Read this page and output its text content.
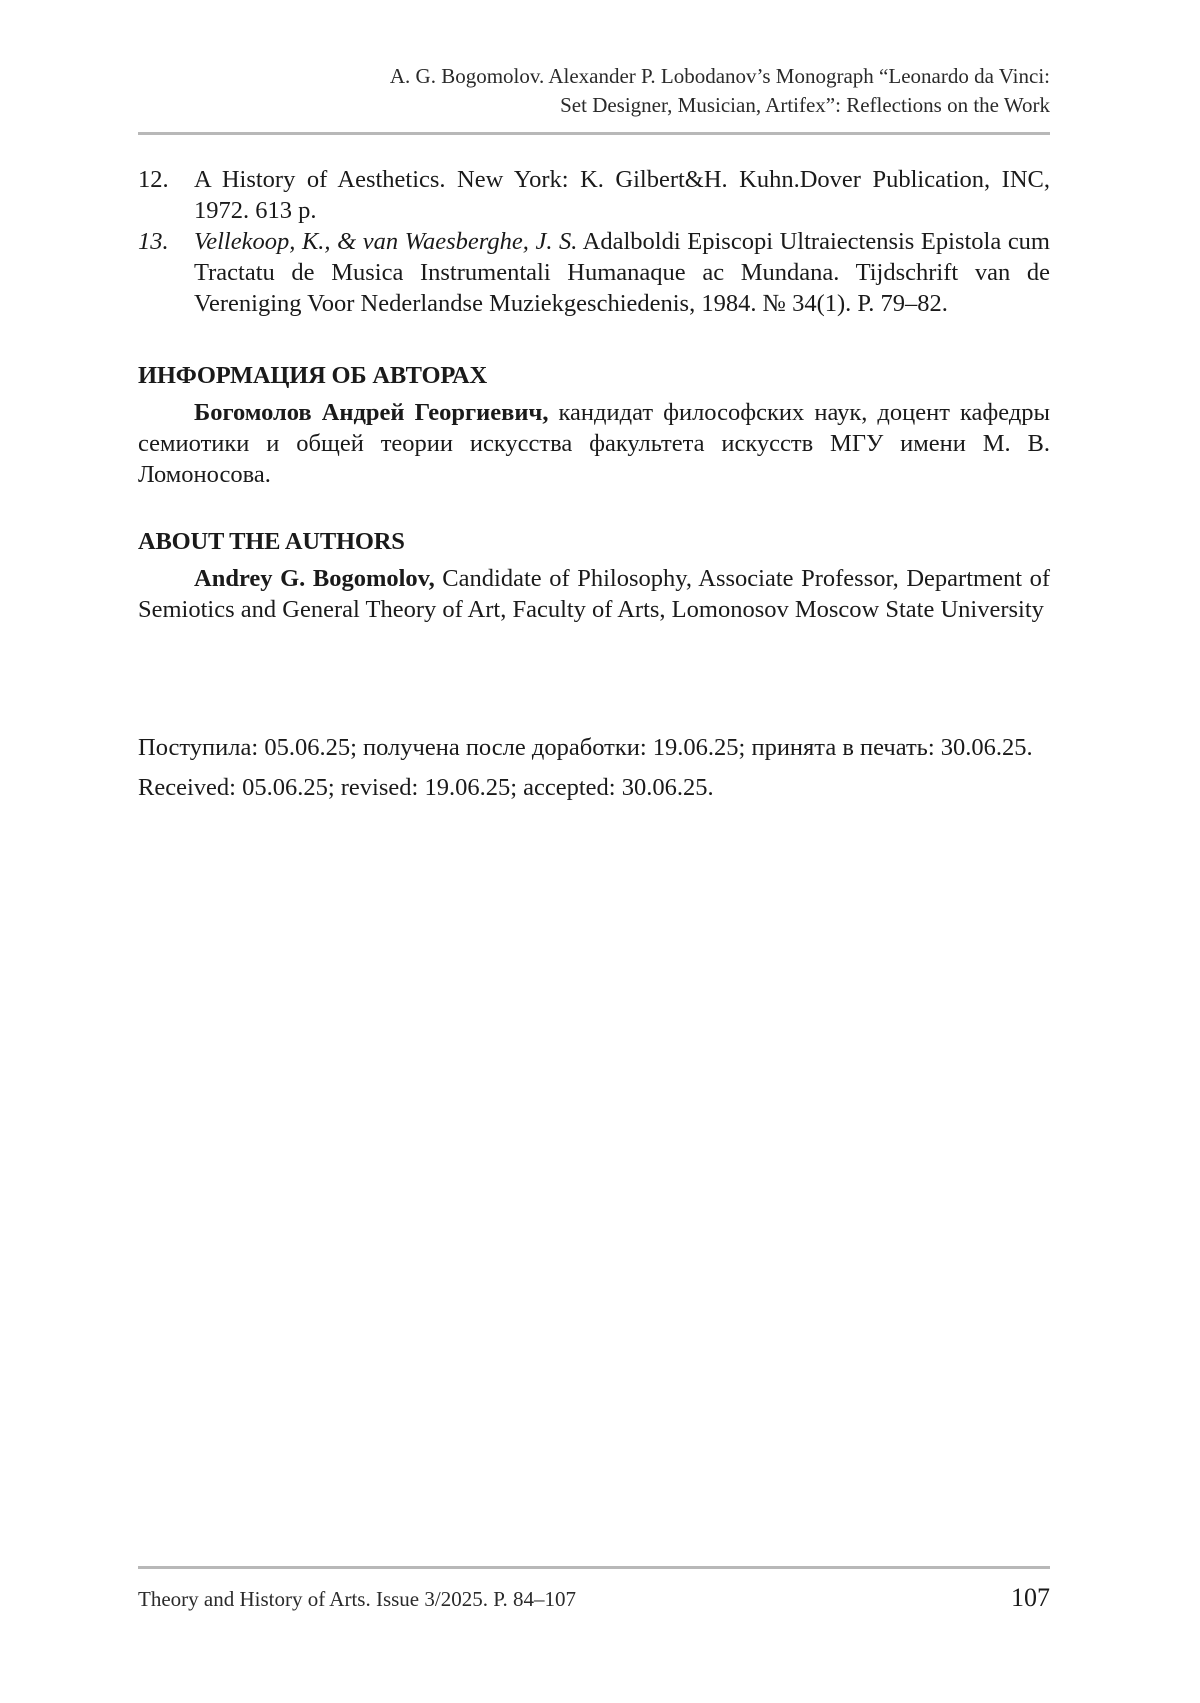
A. G. Bogomolov. Alexander P. Lobodanov’s Monograph “Leonardo da Vinci:
Set Designer, Musician, Artifex”: Reflections on the Work

12.	A History of Aesthetics. New York: K. Gilbert&H. Kuhn.Dover Publication, INC, 1972. 613 p.

13.	Vellekoop, K., & van Waesberghe, J. S. Adalboldi Episcopi Ultraiectensis Epistola cum Tractatu de Musica Instrumentali Humanaque ac Mundana. Tijdschrift van de Vereniging Voor Nederlandse Muziekgeschiedenis, 1984. № 34(1). P. 79–82.

ИНФОРМАЦИЯ ОБ АВТОРАХ

Богомолов Андрей Георгиевич, кандидат философских наук, доцент кафедры семиотики и общей теории искусства факультета искусств МГУ имени М. В. Ломоносова.

ABOUT THE AUTHORS

Andrey G. Bogomolov, Candidate of Philosophy, Associate Professor, Department of Semiotics and General Theory of Art, Faculty of Arts, Lomonosov Moscow State University

Поступила: 05.06.25; получена после доработки: 19.06.25; принята в печать: 30.06.25.

Received: 05.06.25; revised: 19.06.25; accepted: 30.06.25.

Theory and History of Arts. Issue 3/2025. P. 84–107	107
